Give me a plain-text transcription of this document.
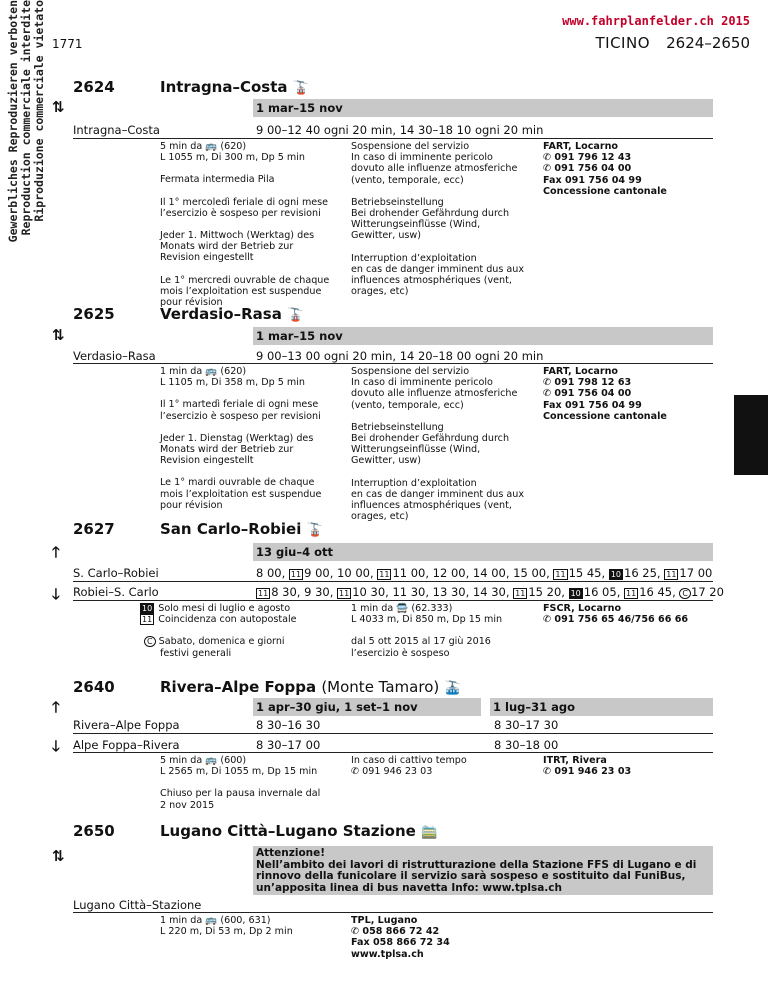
Gewerbliches Reproduzieren verboten Reproduction commerciale interdite Riproduzione commerciale vietato	www.fahrplanfelder.ch 2015
1771	TICINO 2624–2650
2624	Intragna–Costa 🚡
⇅	1 mar–15 nov
Intragna–Costa	9 00–12 40 ogni 20 min, 14 30–18 10 ogni 20 min
5 min da 🚌 (620)
L 1055 m, Di 300 m, Dp 5 min
Fermata intermedia Pila
Il 1° mercoledì feriale di ogni mese
l’esercizio è sospeso per revisioni
Jeder 1. Mittwoch (Werktag) des
Monats wird der Betrieb zur
Revision eingestellt
Le 1° mercredi ouvrable de chaque
mois l’exploitation est suspendue
pour révision
Sospensione del servizio
In caso di imminente pericolo
dovuto alle influenze atmosferiche
(vento, temporale, ecc)
Betriebseinstellung
Bei drohender Gefährdung durch
Witterungseinflüsse (Wind,
Gewitter, usw)
Interruption d’exploitation
en cas de danger imminent dus aux
influences atmosphériques (vent,
orages, etc)
FART, Locarno
✆ 091 796 12 43
✆ 091 756 04 00
Fax 091 756 04 99
Concessione cantonale
2625	Verdasio–Rasa 🚡
⇅	1 mar–15 nov
Verdasio–Rasa	9 00–13 00 ogni 20 min, 14 20–18 00 ogni 20 min
1 min da 🚌 (620)
L 1105 m, Di 358 m, Dp 5 min
Il 1° martedì feriale di ogni mese
l’esercizio è sospeso per revisioni
Jeder 1. Dienstag (Werktag) des
Monats wird der Betrieb zur
Revision eingestellt
Le 1° mardi ouvrable de chaque
mois l’exploitation est suspendue
pour révision
Sospensione del servizio
In caso di imminente pericolo
dovuto alle influenze atmosferiche
(vento, temporale, ecc)
Betriebseinstellung
Bei drohender Gefährdung durch
Witterungseinflüsse (Wind,
Gewitter, usw)
Interruption d’exploitation
en cas de danger imminent dus aux
influences atmosphériques (vent,
orages, etc)
FART, Locarno
✆ 091 798 12 63
✆ 091 756 04 00
Fax 091 756 04 99
Concessione cantonale
2627	San Carlo–Robiei 🚡
🡑	13 giu–4 ott
S. Carlo–Robiei	8 00, 11 9 00, 10 00, 11 11 00, 12 00, 14 00, 15 00, 11 15 45, 10 16 25, 11 17 00
🡓 Robiei–S. Carlo	11 8 30, 9 30, 11 10 30, 11 30, 13 30, 14 30, 11 15 20, 10 16 05, 11 16 45, C 17 20
10 Solo mesi di luglio e agosto
11 Coincidenza con autopostale
C Sabato, domenica e giorni
festivi generali
1 min da 🚍 (62.333)
L 4033 m, Di 850 m, Dp 15 min
dal 5 ott 2015 al 17 giù 2016
l’esercizio è sospeso
FSCR, Locarno
✆ 091 756 65 46/756 66 66
2640	Rivera–Alpe Foppa (Monte Tamaro) 🚠
🡑	1 apr–30 giu, 1 set–1 nov	1 lug–31 ago
Rivera–Alpe Foppa	8 30–16 30	8 30–17 30
🡓 Alpe Foppa–Rivera	8 30–17 00	8 30–18 00
5 min da 🚌 (600)
L 2565 m, Di 1055 m, Dp 15 min
Chiuso per la pausa invernale dal
2 nov 2015
In caso di cattivo tempo
✆ 091 946 23 03
ITRT, Rivera
✆ 091 946 23 03
2650	Lugano Città–Lugano Stazione 🚞
⇅	Attenzione!
Nell’ambito dei lavori di ristrutturazione della Stazione FFS di Lugano e di
rinnovo della funicolare il servizio sarà sospeso e sostituito dal FuniBus,
un’apposita linea di bus navetta Info: www.tplsa.ch
Lugano Città–Stazione
1 min da 🚌 (600, 631)
L 220 m, Di 53 m, Dp 2 min
TPL, Lugano
✆ 058 866 72 42
Fax 058 866 72 34
www.tplsa.ch
